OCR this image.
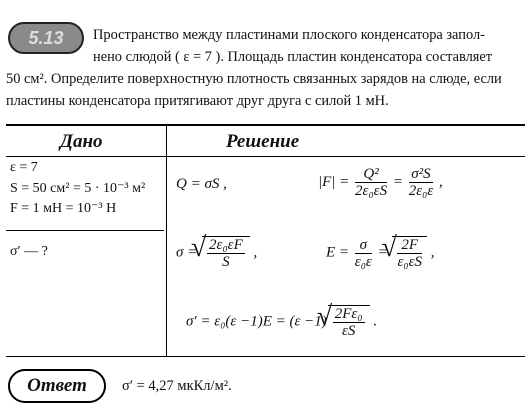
5.13	Пространство между пластинами плоского конденсатора запол-
нено слюдой ( ε = 7 ). Площадь пластин конденсатора составляет

50 см². Определите поверхностную плотность связанных зарядов на слюде, если
пластины конденсатора притягивают друг друга с силой 1 мН.
Дано	Решение
ε = 7
S = 50 см² = 5 · 10⁻³ м²
F = 1 мН = 10⁻³ Н
σ′ — ?
Q = σS ,	$|F| = \frac{\text{Q²}}{\text{2ε₀εS}} = \frac{\text{σ²S}}{\text{2ε₀ε}}$ ,
σ = √ $\frac{\text{2ε₀εF}}{S}$ ,	$E = \frac{\sigma}{\text{ε₀ε}}$ = √ $\frac{2F}{\text{ε₀εS}}$ ,
σ′ = ε₀(ε −1)E = (ε −1) √ $\frac{\text{2Fε₀}}{\varepsilon S}$ .
Ответ	σ′ = 4,27 мкКл/м².
